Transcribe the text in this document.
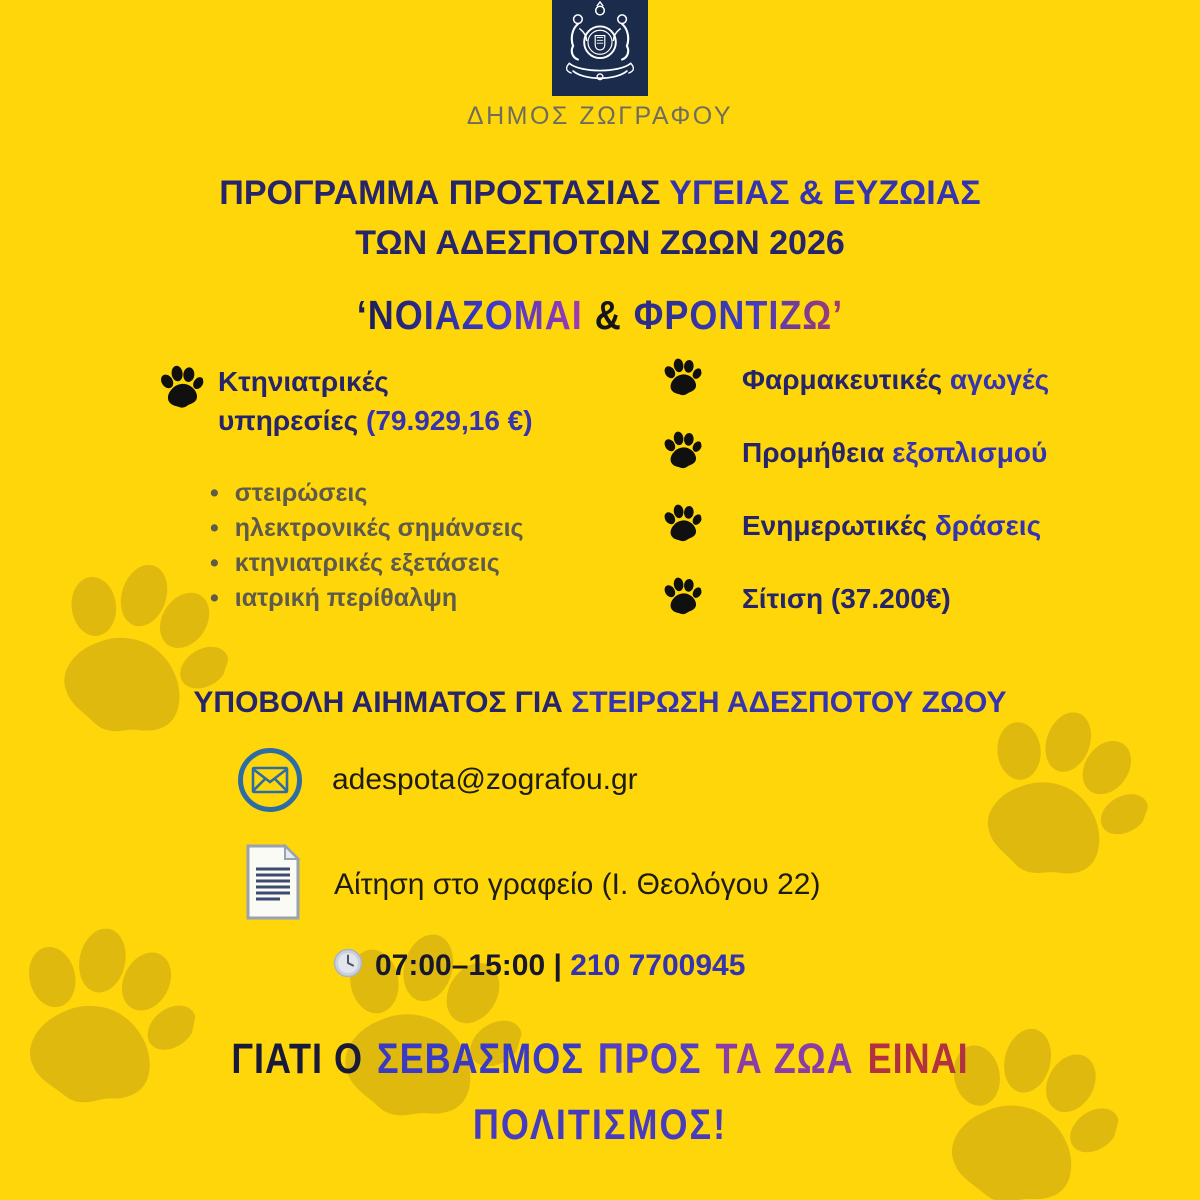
ΔΗΜΟΣ ΖΩΓΡΑΦΟΥ
ΠΡΟΓΡΑΜΜΑ ΠΡΟΣΤΑΣΙΑΣ ΥΓΕΙΑΣ & ΕΥΖΩΙΑΣ
ΤΩΝ ΑΔΕΣΠΟΤΩΝ ΖΩΩΝ 2026
‘ΝΟΙΑΖΟΜΑΙ & ΦΡΟΝΤΙΖΩ’
Κτηνιατρικές
υπηρεσίες (79.929,16 €)
• στειρώσεις
• ηλεκτρονικές σημάνσεις
• κτηνιατρικές εξετάσεις
• ιατρική περίθαλψη
Φαρμακευτικές αγωγές
Προμήθεια εξοπλισμού
Ενημερωτικές δράσεις
Σίτιση (37.200€)
ΥΠΟΒΟΛΗ ΑΙΗΜΑΤΟΣ ΓΙΑ ΣΤΕΙΡΩΣΗ ΑΔΕΣΠΟΤΟΥ ΖΩΟΥ
adespota@zografou.gr
Αίτηση στο γραφείο (Ι. Θεολόγου 22)
07:00–15:00 | 210 7700945
ΓΙΑΤΙ Ο ΣΕΒΑΣΜΟΣ ΠΡΟΣ ΤΑ ΖΩΑ ΕΙΝΑΙ
ΠΟΛΙΤΙΣΜΟΣ!
